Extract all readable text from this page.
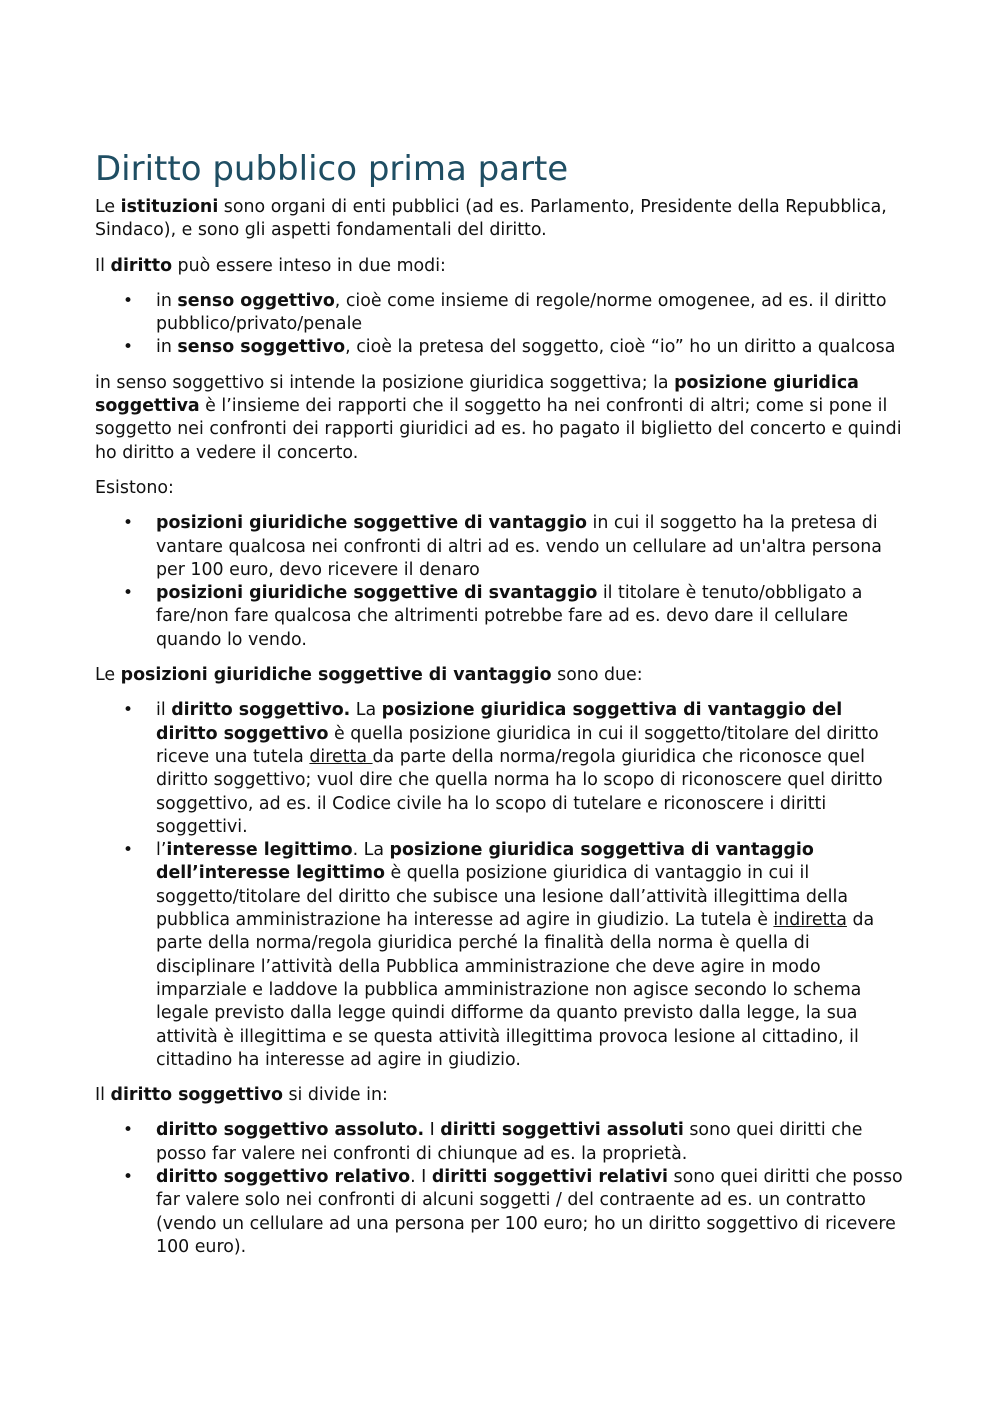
Diritto pubblico prima parte

Le istituzioni sono organi di enti pubblici (ad es. Parlamento, Presidente della Repubblica, Sindaco), e sono gli aspetti fondamentali del diritto.

Il diritto può essere inteso in due modi:

• in senso oggettivo, cioè come insieme di regole/norme omogenee, ad es. il diritto pubblico/privato/penale
• in senso soggettivo, cioè la pretesa del soggetto, cioè “io” ho un diritto a qualcosa

in senso soggettivo si intende la posizione giuridica soggettiva; la posizione giuridica soggettiva è l’insieme dei rapporti che il soggetto ha nei confronti di altri; come si pone il soggetto nei confronti dei rapporti giuridici ad es. ho pagato il biglietto del concerto e quindi ho diritto a vedere il concerto.

Esistono:

• posizioni giuridiche soggettive di vantaggio in cui il soggetto ha la pretesa di vantare qualcosa nei confronti di altri ad es. vendo un cellulare ad un'altra persona per 100 euro, devo ricevere il denaro
• posizioni giuridiche soggettive di svantaggio il titolare è tenuto/obbligato a fare/non fare qualcosa che altrimenti potrebbe fare ad es. devo dare il cellulare quando lo vendo.

Le posizioni giuridiche soggettive di vantaggio sono due:

• il diritto soggettivo. La posizione giuridica soggettiva di vantaggio del diritto soggettivo è quella posizione giuridica in cui il soggetto/titolare del diritto riceve una tutela diretta da parte della norma/regola giuridica che riconosce quel diritto soggettivo; vuol dire che quella norma ha lo scopo di riconoscere quel diritto soggettivo, ad es. il Codice civile ha lo scopo di tutelare e riconoscere i diritti soggettivi.
• l’interesse legittimo. La posizione giuridica soggettiva di vantaggio dell’interesse legittimo è quella posizione giuridica di vantaggio in cui il soggetto/titolare del diritto che subisce una lesione dall’attività illegittima della pubblica amministrazione ha interesse ad agire in giudizio. La tutela è indiretta da parte della norma/regola giuridica perché la finalità della norma è quella di disciplinare l’attività della Pubblica amministrazione che deve agire in modo imparziale e laddove la pubblica amministrazione non agisce secondo lo schema legale previsto dalla legge quindi difforme da quanto previsto dalla legge, la sua attività è illegittima e se questa attività illegittima provoca lesione al cittadino, il cittadino ha interesse ad agire in giudizio.

Il diritto soggettivo si divide in:

• diritto soggettivo assoluto. I diritti soggettivi assoluti sono quei diritti che posso far valere nei confronti di chiunque ad es. la proprietà.
• diritto soggettivo relativo. I diritti soggettivi relativi sono quei diritti che posso far valere solo nei confronti di alcuni soggetti / del contraente ad es. un contratto (vendo un cellulare ad una persona per 100 euro; ho un diritto soggettivo di ricevere 100 euro).
